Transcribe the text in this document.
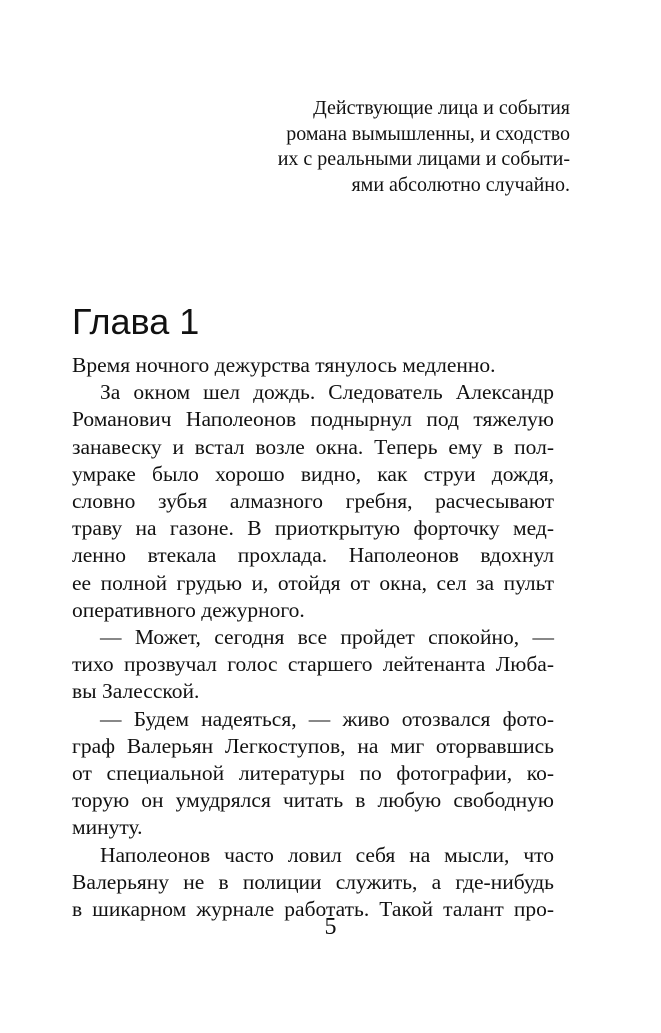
Действующие лица и события
романа вымышленны, и сходство
их с реальными лицами и событи-
ями абсолютно случайно.
Глава 1
Время ночного дежурства тянулось медленно.
За окном шел дождь. Следователь Александр
Романович Наполеонов поднырнул под тяжелую
занавеску и встал возле окна. Теперь ему в пол-
умраке было хорошо видно, как струи дождя,
словно зубья алмазного гребня, расчесывают
траву на газоне. В приоткрытую форточку мед-
ленно втекала прохлада. Наполеонов вдохнул
ее полной грудью и, отойдя от окна, сел за пульт
оперативного дежурного.
— Может, сегодня все пройдет спокойно, —
тихо прозвучал голос старшего лейтенанта Люба-
вы Залесской.
— Будем надеяться, — живо отозвался фото-
граф Валерьян Легкоступов, на миг оторвавшись
от специальной литературы по фотографии, ко-
торую он умудрялся читать в любую свободную
минуту.
Наполеонов часто ловил себя на мысли, что
Валерьяну не в полиции служить, а где-нибудь
в шикарном журнале работать. Такой талант про-
5
